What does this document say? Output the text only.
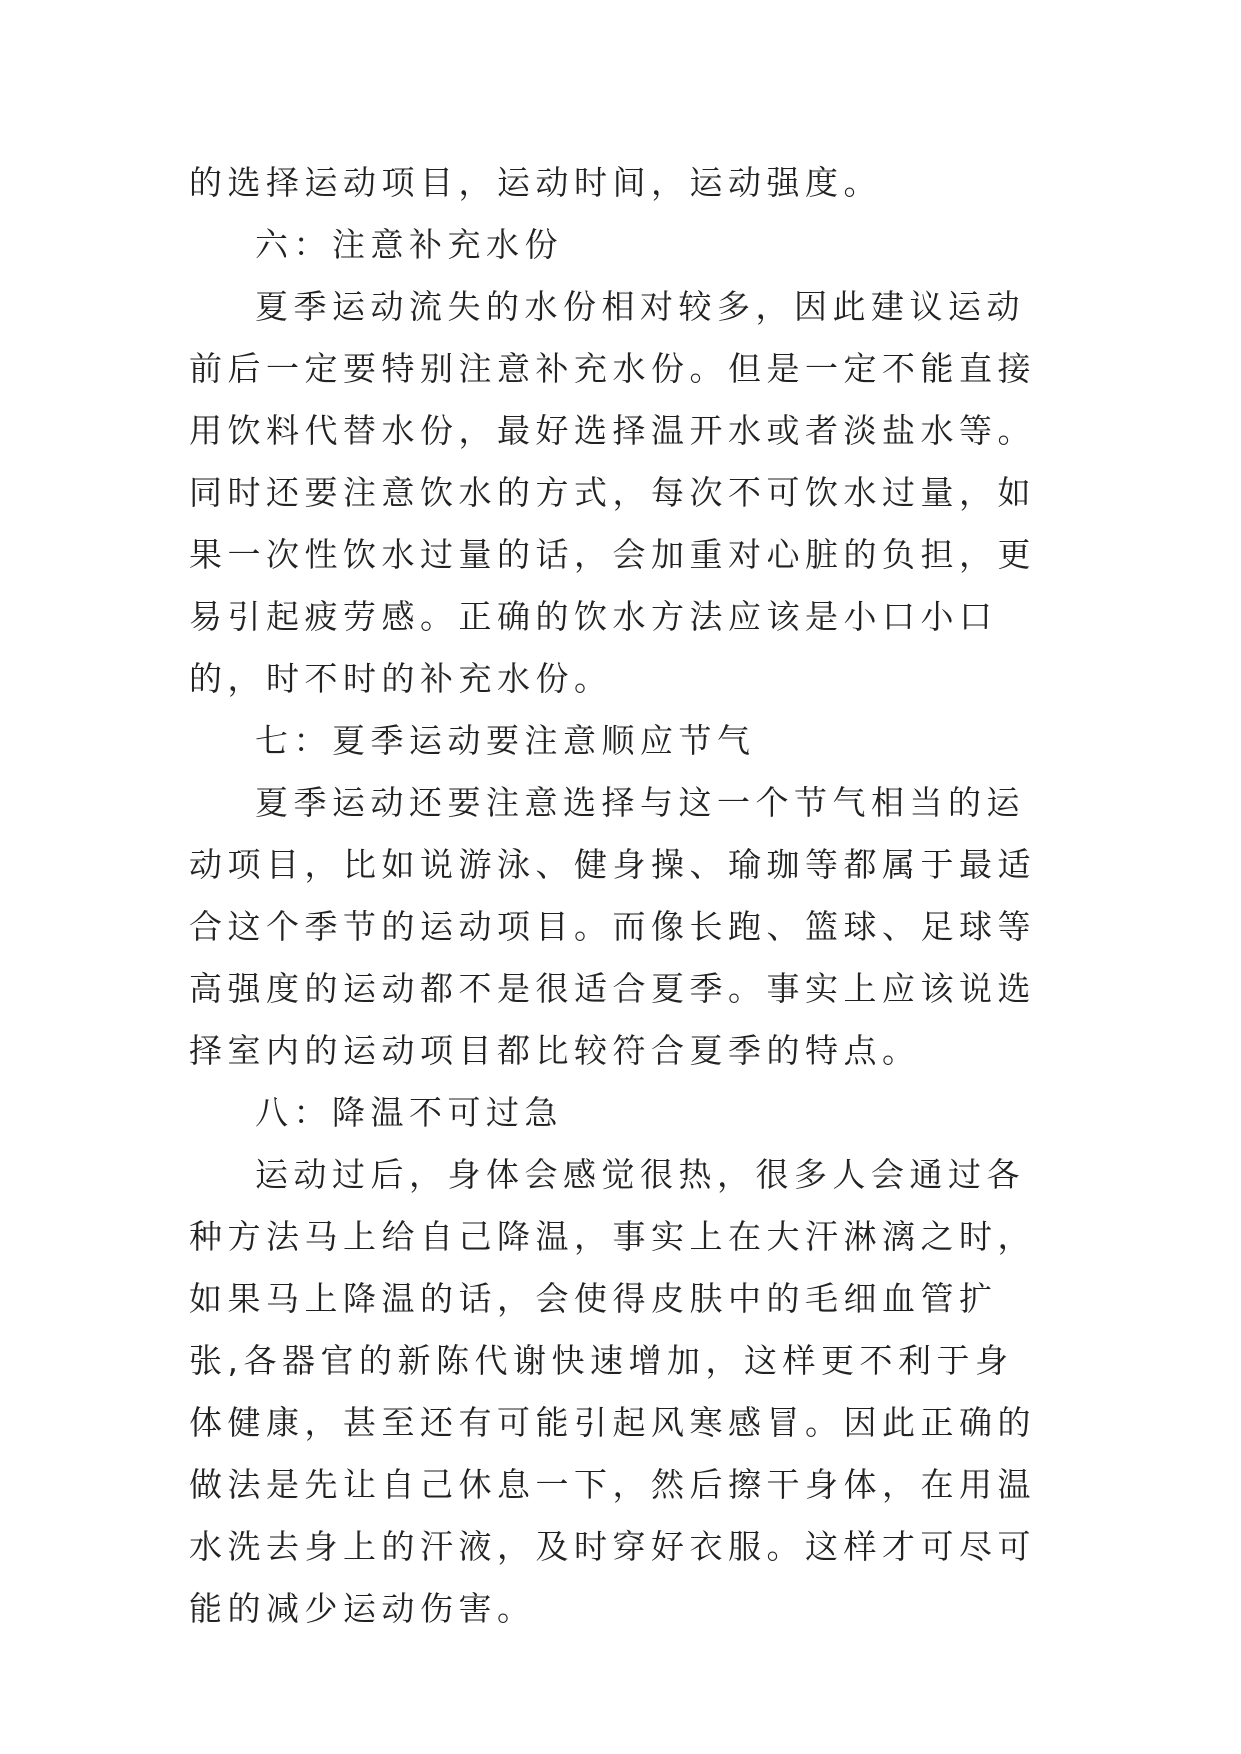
的选择运动项目，运动时间，运动强度。

六：注意补充水份

夏季运动流失的水份相对较多，因此建议运动前后一定要特别注意补充水份。但是一定不能直接用饮料代替水份，最好选择温开水或者淡盐水等。同时还要注意饮水的方式，每次不可饮水过量，如果一次性饮水过量的话，会加重对心脏的负担，更易引起疲劳感。正确的饮水方法应该是小口小口的，时不时的补充水份。

七：夏季运动要注意顺应节气

夏季运动还要注意选择与这一个节气相当的运动项目，比如说游泳、健身操、瑜珈等都属于最适合这个季节的运动项目。而像长跑、篮球、足球等高强度的运动都不是很适合夏季。事实上应该说选择室内的运动项目都比较符合夏季的特点。

八：降温不可过急

运动过后，身体会感觉很热，很多人会通过各种方法马上给自己降温，事实上在大汗淋漓之时，如果马上降温的话，会使得皮肤中的毛细血管扩张,各器官的新陈代谢快速增加，这样更不利于身体健康，甚至还有可能引起风寒感冒。因此正确的做法是先让自己休息一下，然后擦干身体，在用温水洗去身上的汗液，及时穿好衣服。这样才可尽可能的减少运动伤害。
